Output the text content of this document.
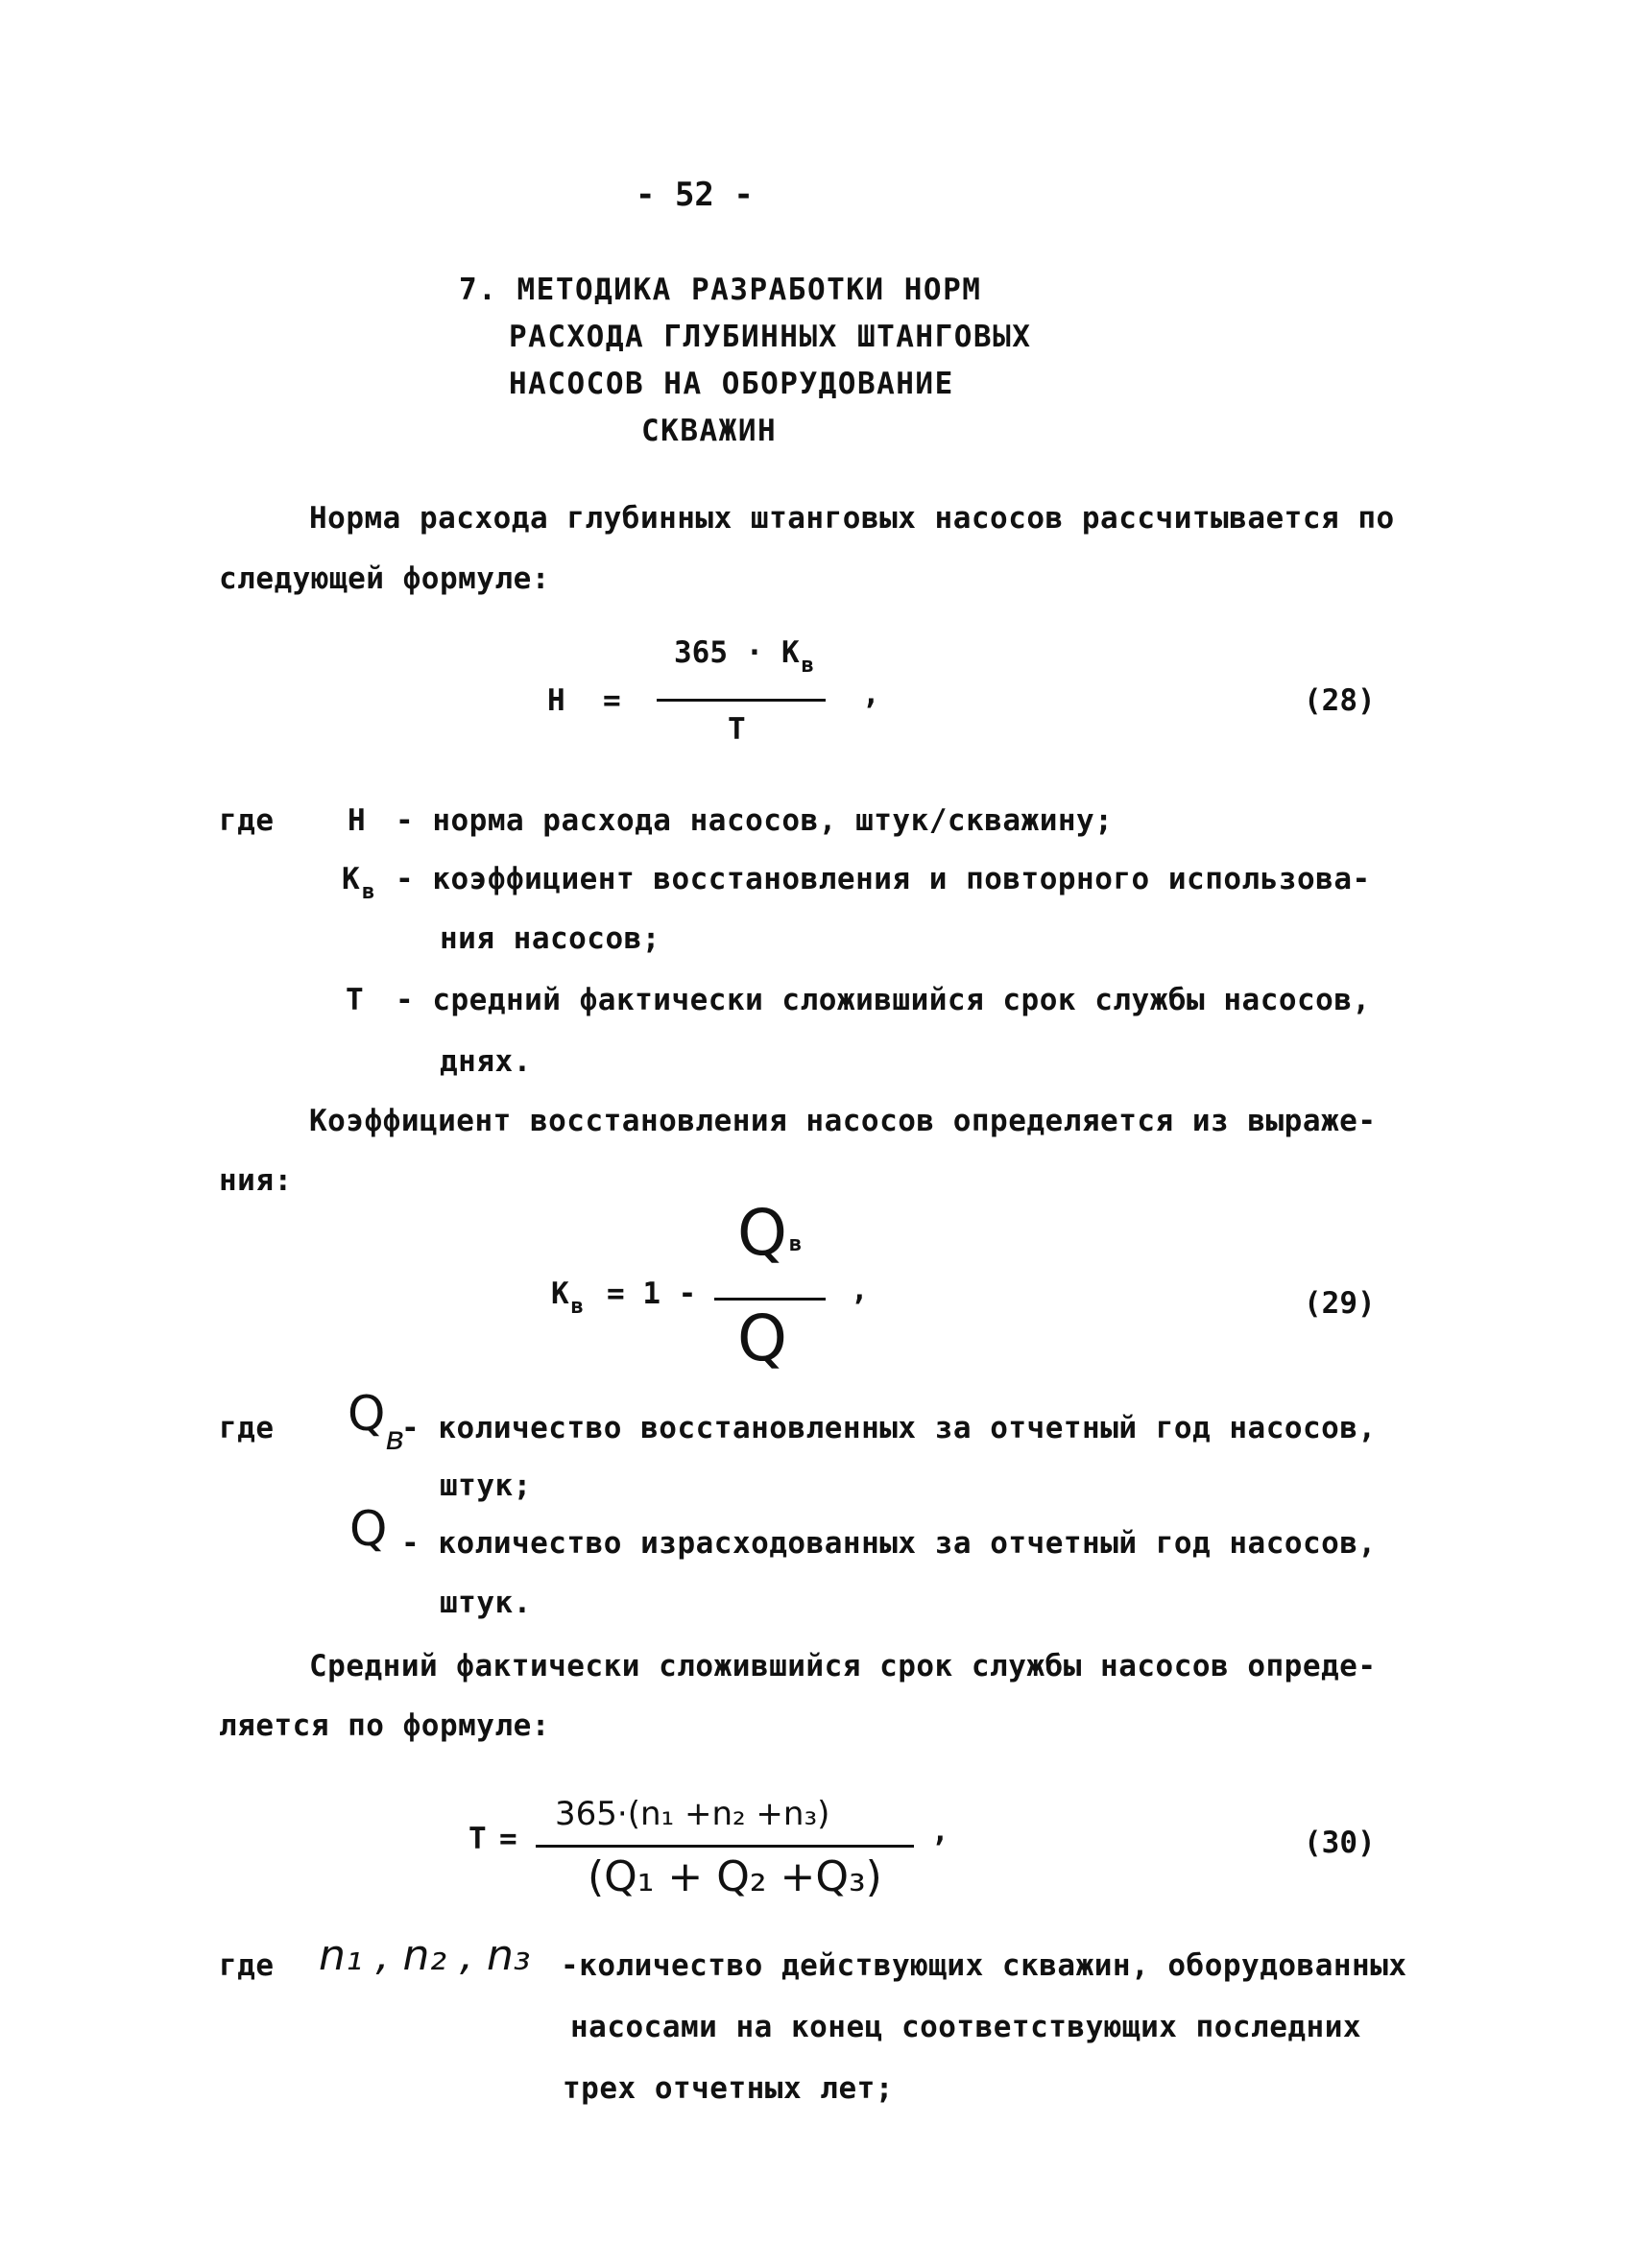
- 52 -
7. МЕТОДИКА РАЗРАБОТКИ НОРМ
РАСХОДА ГЛУБИННЫХ ШТАНГОВЫХ
НАСОСОВ НА ОБОРУДОВАНИЕ
СКВАЖИН
Норма расхода глубинных штанговых насосов рассчитывается по
следующей формуле:
Н =
$365 \cdot К_в$
Т
,	(28)
где Н - норма расхода насосов, штук/скважину;
$К_в$ - коэффициент восстановления и повторного использова-
ния насосов;
Т - средний фактически сложившийся срок службы насосов,
днях.
Коэффициент восстановления насосов определяется из выраже-
ния:
$К_в = 1$ -
Qв
Q
,	(29)
где Qв
- количество восстановленных за отчетный год насосов,
штук;
Q - количество израсходованных за отчетный год насосов,
штук.
Средний фактически сложившийся срок службы насосов опреде-
ляется по формуле:
Т =
365·(n₁ +n₂ +n₃)
(Q₁ + Q₂ +Q₃)
,	(30)
где n₁ , n₂ , n₃ -количество действующих скважин, оборудованных
насосами на конец соответствующих последних
трех отчетных лет;
